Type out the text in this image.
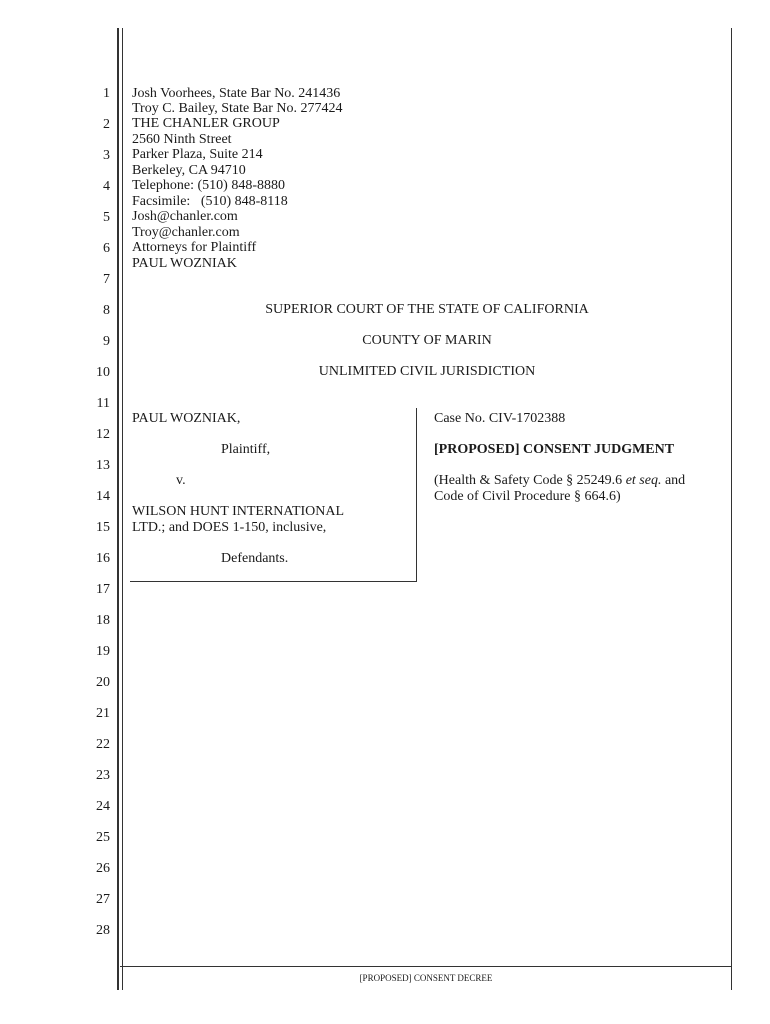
1
2
3
4
5
6
7
8
9
10
11
12
13
14
15
16
17
18
19
20
21
22
23
24
25
26
27
28
Josh Voorhees, State Bar No. 241436
Troy C. Bailey, State Bar No. 277424
THE CHANLER GROUP
2560 Ninth Street
Parker Plaza, Suite 214
Berkeley, CA 94710
Telephone: (510) 848-8880
Facsimile:   (510) 848-8118
Josh@chanler.com
Troy@chanler.com
Attorneys for Plaintiff
PAUL WOZNIAK
SUPERIOR COURT OF THE STATE OF CALIFORNIA
COUNTY OF MARIN
UNLIMITED CIVIL JURISDICTION
PAUL WOZNIAK,
Plaintiff,
v.
WILSON HUNT INTERNATIONAL
LTD.; and DOES 1-150, inclusive,
Defendants.
Case No. CIV-1702388
[PROPOSED] CONSENT JUDGMENT
(Health & Safety Code § 25249.6 et seq. and
Code of Civil Procedure § 664.6)
[PROPOSED] CONSENT DECREE
